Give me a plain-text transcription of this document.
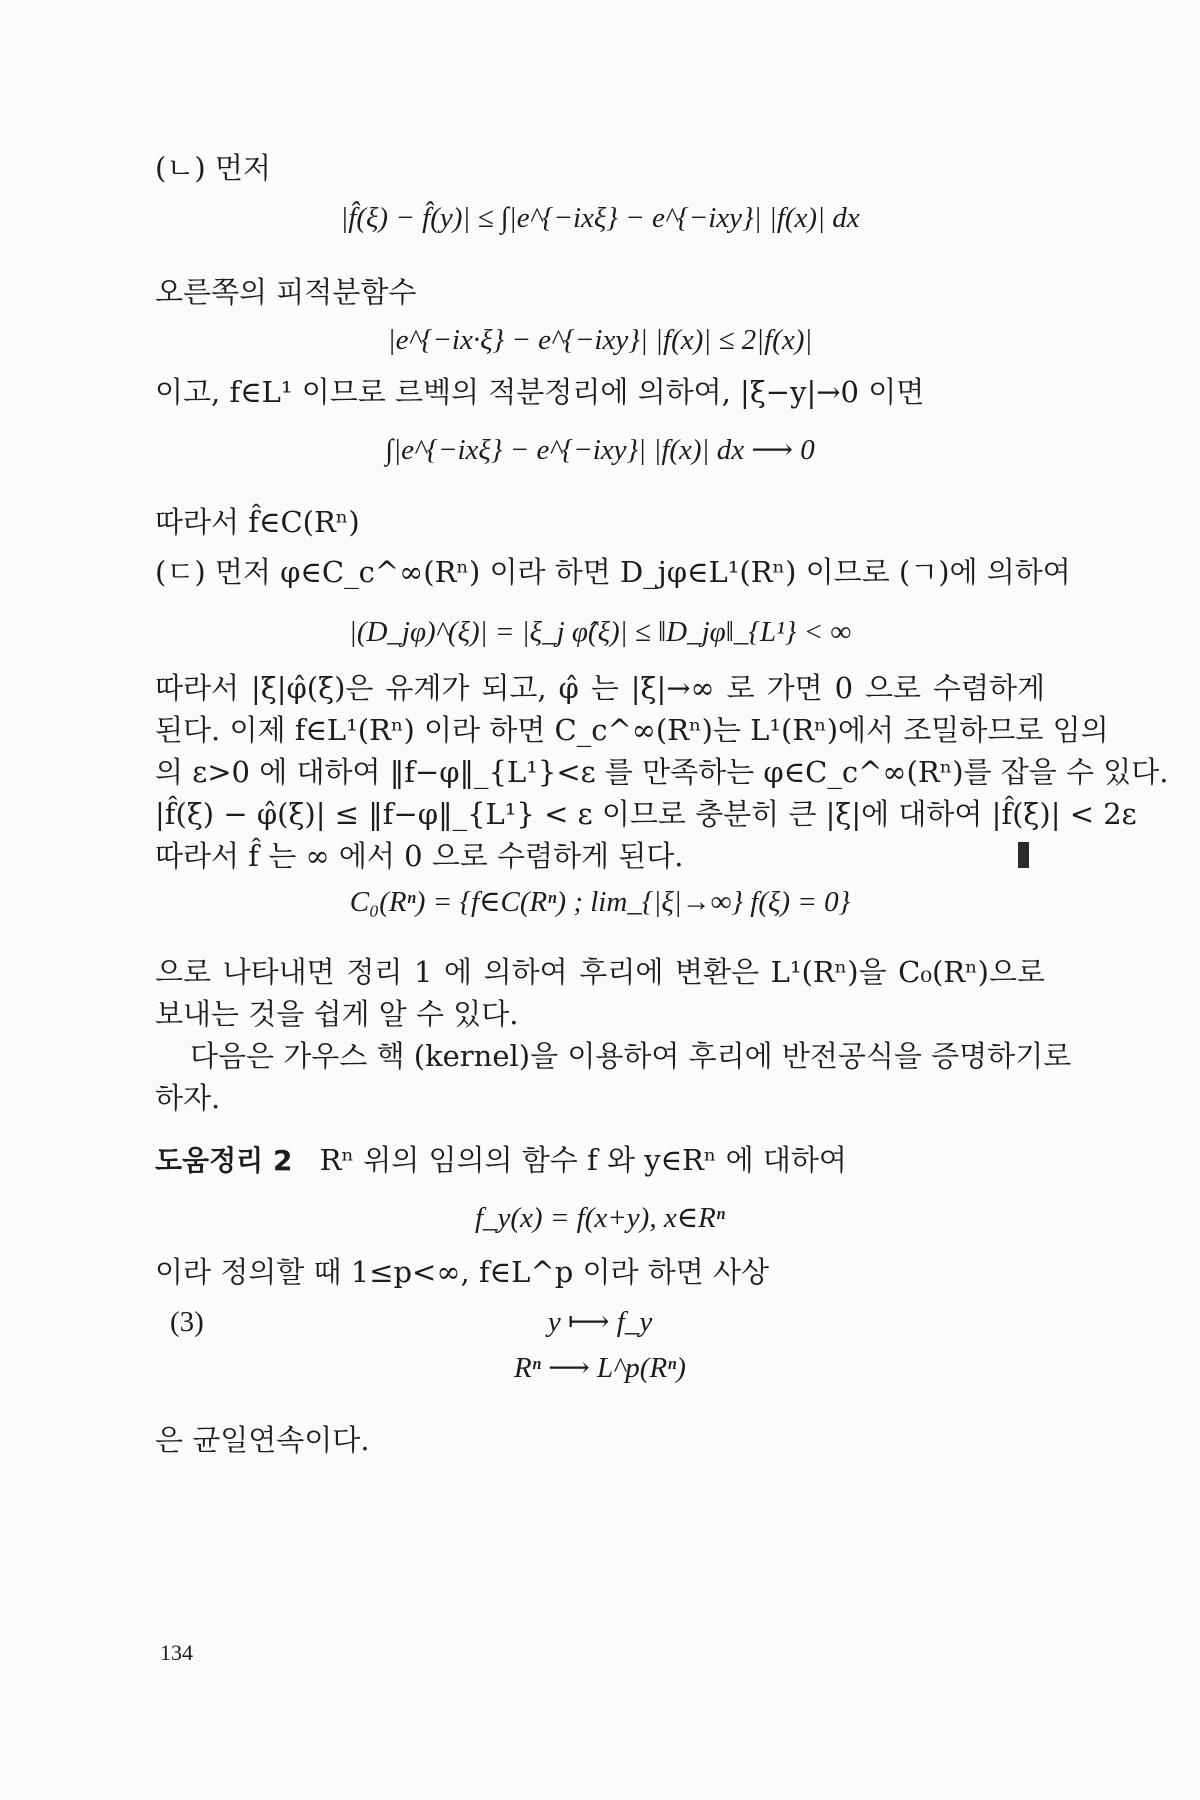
(ㄴ) 먼저
|f̂(ξ) − f̂(y)| ≤ ∫|e^{−ixξ} − e^{−ixy}| |f(x)| dx
오른쪽의 피적분함수
|e^{−ix·ξ} − e^{−ixy}| |f(x)| ≤ 2|f(x)|
이고, f∈L¹ 이므로 르벡의 적분정리에 의하여, |ξ−y|→0 이면
∫|e^{−ixξ} − e^{−ixy}| |f(x)| dx ⟶ 0
따라서 f̂∈C(Rⁿ)
(ㄷ) 먼저 φ∈C_c^∞(Rⁿ) 이라 하면 D_jφ∈L¹(Rⁿ) 이므로 (ㄱ)에 의하여
|(D_jφ)^(ξ)| = |ξ_j φ̂(ξ)| ≤ ‖D_jφ‖_{L¹} < ∞
따라서 |ξ|φ̂(ξ)은 유계가 되고, φ̂ 는 |ξ|→∞ 로 가면 0 으로 수렴하게
된다. 이제 f∈L¹(Rⁿ) 이라 하면 C_c^∞(Rⁿ)는 L¹(Rⁿ)에서 조밀하므로 임의
의 ε>0 에 대하여 ‖f−φ‖_{L¹}<ε 를 만족하는 φ∈C_c^∞(Rⁿ)를 잡을 수 있다.
|f̂(ξ) − φ̂(ξ)| ≤ ‖f−φ‖_{L¹} < ε 이므로 충분히 큰 |ξ|에 대하여 |f̂(ξ)| < 2ε
따라서 f̂ 는 ∞ 에서 0 으로 수렴하게 된다.
C₀(Rⁿ) = {f∈C(Rⁿ) ; lim_{|ξ|→∞} f(ξ) = 0}
으로 나타내면 정리 1 에 의하여 후리에 변환은 L¹(Rⁿ)을 C₀(Rⁿ)으로
보내는 것을 쉽게 알 수 있다.
다음은 가우스 핵 (kernel)을 이용하여 후리에 반전공식을 증명하기로
하자.
도움정리 2 Rⁿ 위의 임의의 함수 f 와 y∈Rⁿ 에 대하여
f_y(x) = f(x+y), x∈Rⁿ
이라 정의할 때 1≤p<∞, f∈L^p 이라 하면 사상
(3)	y ⟼ f_y
Rⁿ ⟶ L^p(Rⁿ)
은 균일연속이다.
134
